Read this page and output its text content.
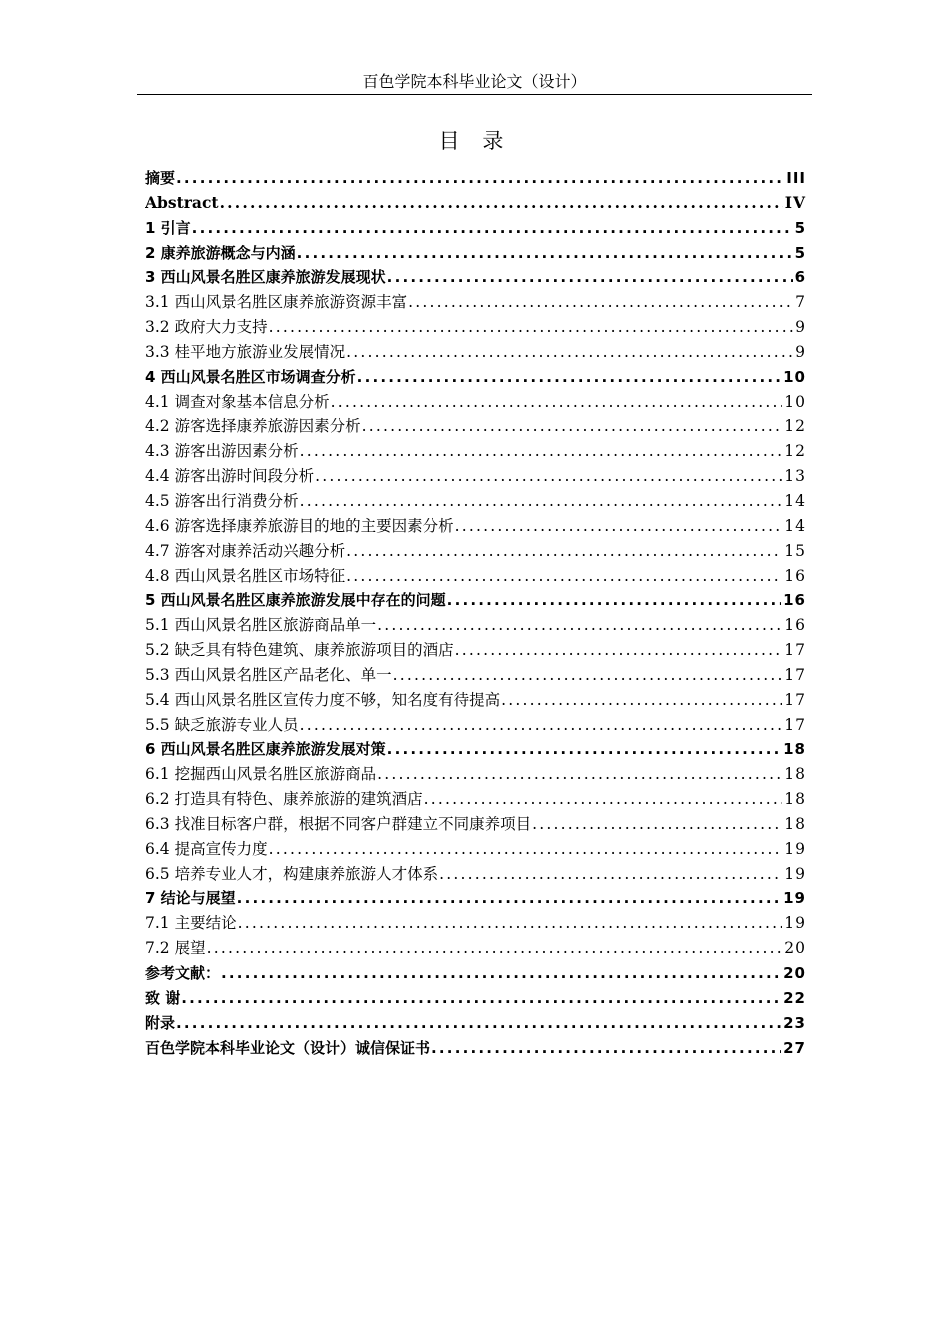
百色学院本科毕业论文（设计）
目 录
摘要 .....	III
Abstract .....	IV
1 引言 .....	5
2 康养旅游概念与内涵 .....	5
3 西山风景名胜区康养旅游发展现状 .....	6
3.1 西山风景名胜区康养旅游资源丰富 .....	7
3.2 政府大力支持 .....	9
3.3 桂平地方旅游业发展情况 .....	9
4 西山风景名胜区市场调查分析 .....	10
4.1 调查对象基本信息分析 .....	10
4.2 游客选择康养旅游因素分析 .....	12
4.3 游客出游因素分析 .....	12
4.4 游客出游时间段分析 .....	13
4.5 游客出行消费分析 .....	14
4.6 游客选择康养旅游目的地的主要因素分析 .....	14
4.7 游客对康养活动兴趣分析 .....	15
4.8 西山风景名胜区市场特征 .....	16
5 西山风景名胜区康养旅游发展中存在的问题 .....	16
5.1 西山风景名胜区旅游商品单一 .....	16
5.2 缺乏具有特色建筑、康养旅游项目的酒店 .....	17
5.3 西山风景名胜区产品老化、单一 .....	17
5.4 西山风景名胜区宣传力度不够，知名度有待提高 .....	17
5.5 缺乏旅游专业人员 .....	17
6 西山风景名胜区康养旅游发展对策 .....	18
6.1 挖掘西山风景名胜区旅游商品 .....	18
6.2 打造具有特色、康养旅游的建筑酒店 .....	18
6.3 找准目标客户群，根据不同客户群建立不同康养项目 .....	18
6.4 提高宣传力度 .....	19
6.5 培养专业人才，构建康养旅游人才体系 .....	19
7 结论与展望 .....	19
7.1 主要结论 .....	19
7.2 展望 .....	20
参考文献： .....	20
致 谢 .....	22
附录 .....	23
百色学院本科毕业论文（设计）诚信保证书 .....	27
